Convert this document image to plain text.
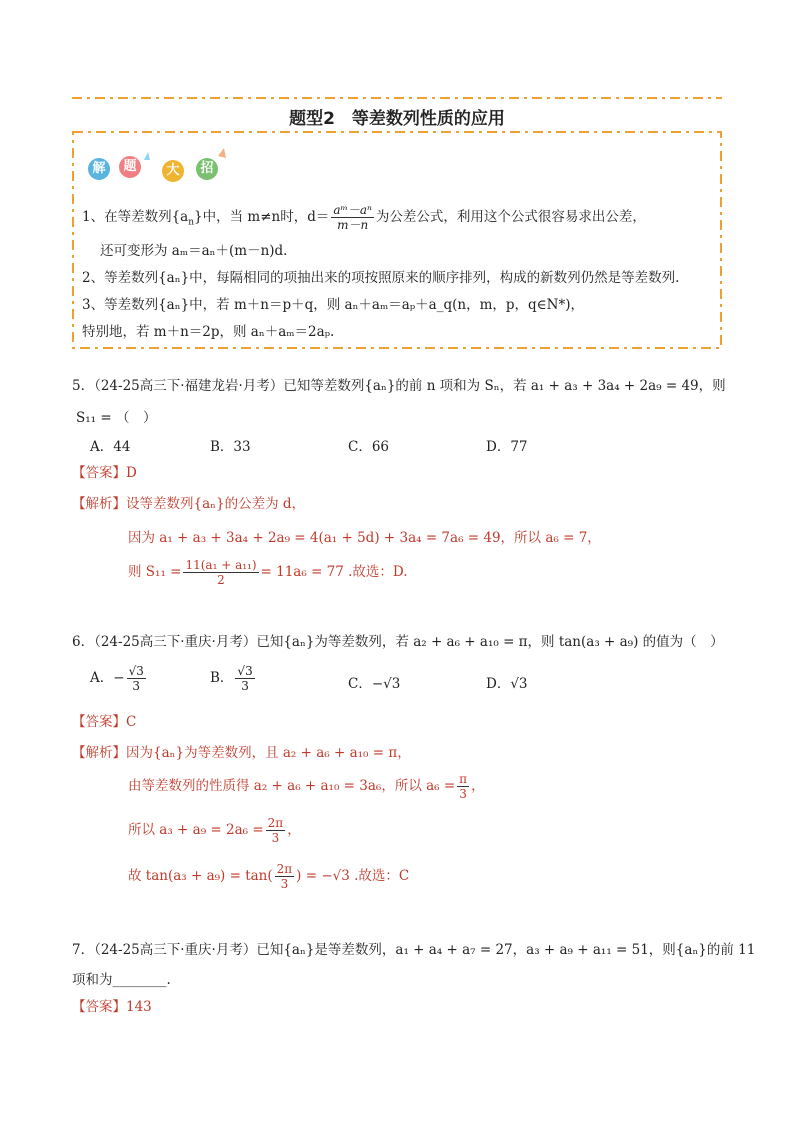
题型2　等差数列性质的应用
解	题	大	招
1、在等差数列$\{a_n\}$中，当 m≠n时，$d= \frac{\text{aᵐ－aⁿ}}{m-n}$ 为公差公式，利用这个公式很容易求出公差，
还可变形为 aₘ＝aₙ＋(m－n)d.
2、等差数列{aₙ}中，每隔相同的项抽出来的项按照原来的顺序排列，构成的新数列仍然是等差数列.
3、等差数列{aₙ}中，若 m＋n＝p＋q，则 aₙ＋aₘ＝aₚ＋a_q(n，m，p，q∈N*)，
特别地，若 m＋n＝2p，则 aₙ＋aₘ＝2aₚ.
5．（24-25高三下·福建龙岩·月考）已知等差数列{aₙ}的前 n 项和为 Sₙ，若 a₁ + a₃ + 3a₄ + 2a₉ = 49，则
S₁₁ = （　）
A．44	B．33	C．66	D．77
【答案】D
【解析】设等差数列{aₙ}的公差为 d，
因为 a₁ + a₃ + 3a₄ + 2a₉ = 4(a₁ + 5d) + 3a₄ = 7a₆ = 49，所以 a₆ = 7，
则 $S_{11} = \frac{\text{11(a₁ + a₁₁)}}{2} = 11a_6 = 77$ .故选：D.
6．（24-25高三下·重庆·月考）已知{aₙ}为等差数列，若 a₂ + a₆ + a₁₀ = π，则 tan(a₃ + a₉) 的值为（　）
A．− $\frac{√3}{3}$	B． $\frac{√3}{3}$	C．−√3	D．√3
【答案】C
【解析】因为{aₙ}为等差数列，且 a₂ + a₆ + a₁₀ = π，
由等差数列的性质得 a₂ + a₆ + a₁₀ = 3a₆，所以 $a_6 = \frac{\pi}{3}$ ，
所以 $a_3 + a_9 = 2a_6 = \frac{2\pi}{3}$ ，
故 $\tan(a_3 + a_9) = \tan( \frac{2\pi}{3}$ ) = −√3 .故选：C
7．（24-25高三下·重庆·月考）已知{aₙ}是等差数列，a₁ + a₄ + a₇ = 27，a₃ + a₉ + a₁₁ = 51，则{aₙ}的前 11
项和为________.
【答案】143
